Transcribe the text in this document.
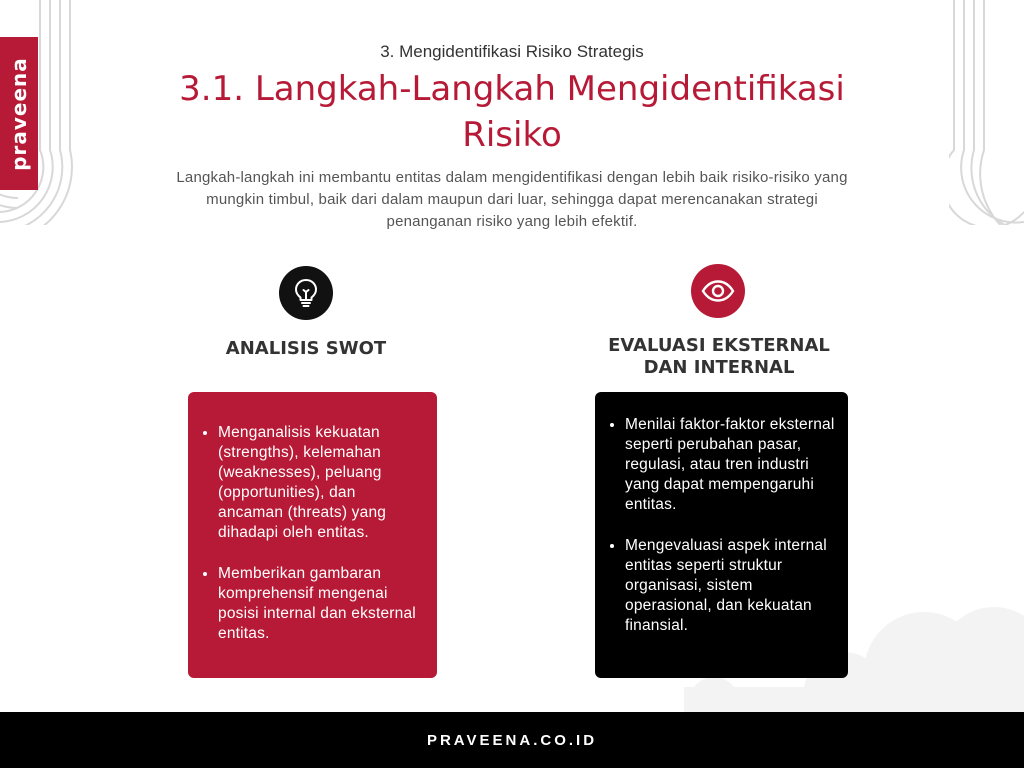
praveena
3. Mengidentifikasi Risiko Strategis
3.1. Langkah-Langkah Mengidentifikasi Risiko
Langkah-langkah ini membantu entitas dalam mengidentifikasi dengan lebih baik risiko-risiko yang mungkin timbul, baik dari dalam maupun dari luar, sehingga dapat merencanakan strategi penanganan risiko yang lebih efektif.
ANALISIS SWOT
• Menganalisis kekuatan (strengths), kelemahan (weaknesses), peluang (opportunities), dan ancaman (threats) yang dihadapi oleh entitas.
• Memberikan gambaran komprehensif mengenai posisi internal dan eksternal entitas.
EVALUASI EKSTERNAL DAN INTERNAL
• Menilai faktor-faktor eksternal seperti perubahan pasar, regulasi, atau tren industri yang dapat mempengaruhi entitas.
• Mengevaluasi aspek internal entitas seperti struktur organisasi, sistem operasional, dan kekuatan finansial.
PRAVEENA.CO.ID
